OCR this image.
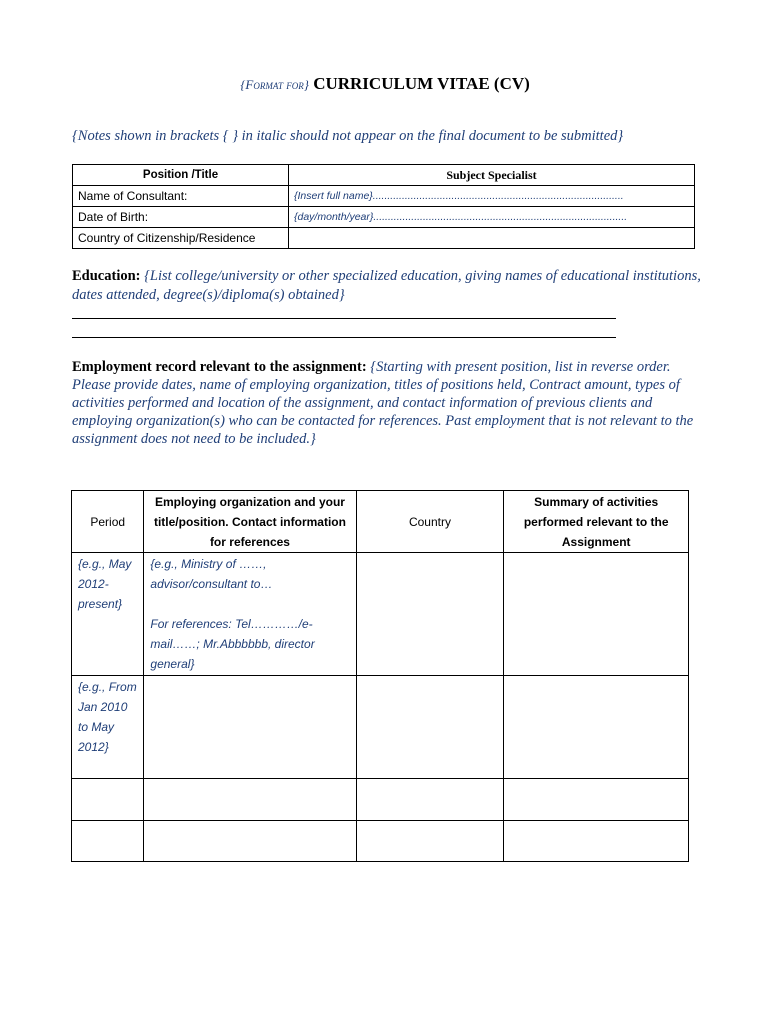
{Format for} CURRICULUM VITAE (CV)
{Notes shown in brackets { } in italic should not appear on the final document to be submitted}
Position /Title	Subject Specialist
Name of Consultant:	{Insert full name}......................................................................................
Date of Birth:	{day/month/year}.......................................................................................
Country of Citizenship/Residence	
Education: {List college/university or other specialized education, giving names of educational institutions, dates attended, degree(s)/diploma(s) obtained}
Employment record relevant to the assignment: {Starting with present position, list in reverse order. Please provide dates, name of employing organization, titles of positions held, Contract amount, types of activities performed and location of the assignment, and contact information of previous clients and employing organization(s) who can be contacted for references. Past employment that is not relevant to the assignment does not need to be included.}
Period	Employing organization and your title/position. Contact information for references	Country	Summary of activities performed relevant to the Assignment
{e.g., May 2012-present}	{e.g., Ministry of ……, advisor/consultant to…
For references: Tel…………/e-mail……; Mr.Abbbbbb, director general}		
{e.g., From Jan 2010 to May 2012}			
